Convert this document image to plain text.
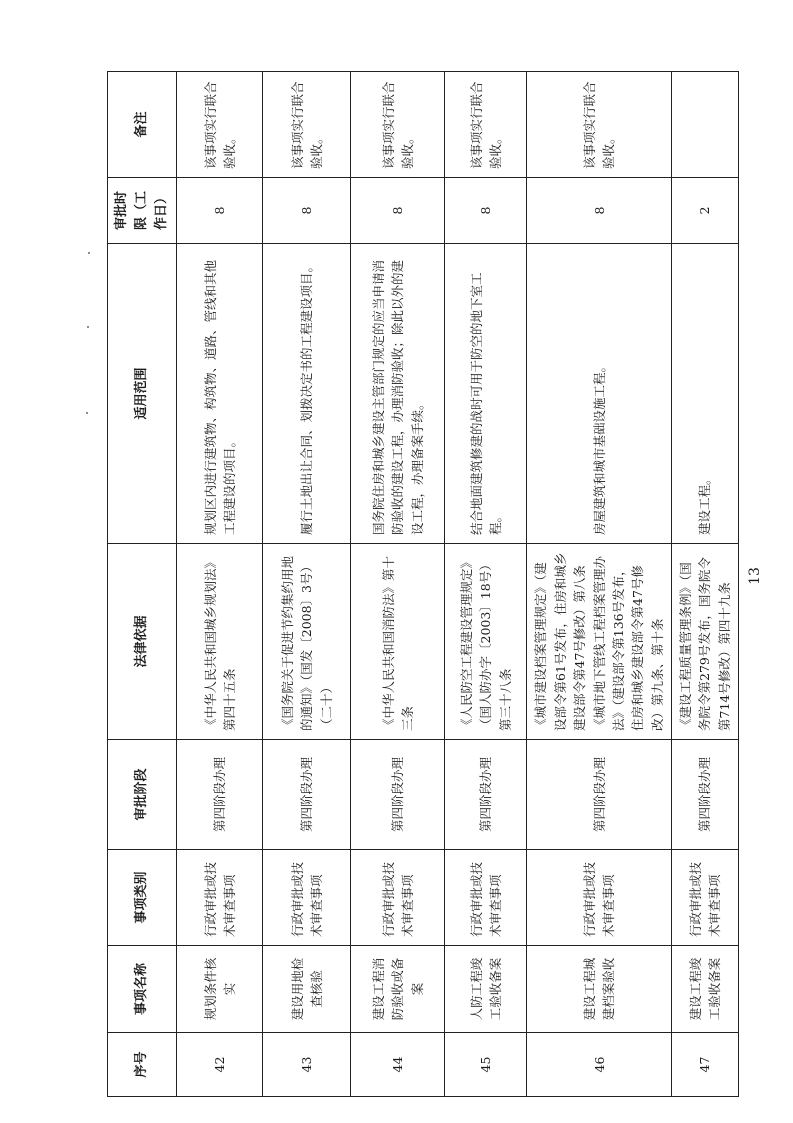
序号	事项名称	事项类别	审批阶段	法律依据	适用范围	审批时限（工作日）	备注
42	规划条件核实	行政审批或技术审查事项	第四阶段办理	《中华人民共和国城乡规划法》第四十五条	规划区内进行建筑物、构筑物、道路、管线和其他工程建设的项目。	8	该事项实行联合验收。
43	建设用地检查核验	行政审批或技术审查事项	第四阶段办理	《国务院关于促进节约集约用地的通知》（国发〔2008〕3号）（二十）	履行土地出让合同、划拨决定书的工程建设项目。	8	该事项实行联合验收。
44	建设工程消防验收或备案	行政审批或技术审查事项	第四阶段办理	《中华人民共和国消防法》第十三条	国务院住房和城乡建设主管部门规定的应当申请消防验收的建设工程，办理消防验收；除此以外的建设工程，办理备案手续。	8	该事项实行联合验收。
45	人防工程竣工验收备案	行政审批或技术审查事项	第四阶段办理	《人民防空工程建设管理规定》（国人防办字〔2003〕18号）第三十八条	结合地面建筑修建的战时可用于防空的地下室工程。	8	该事项实行联合验收。
46	建设工程城建档案验收	行政审批或技术审查事项	第四阶段办理	《城市建设档案管理规定》（建设部令第61号发布，住房和城乡建设部令第47号修改）第八条
《城市地下管线工程档案管理办法》（建设部令第136号发布，住房和城乡建设部令第47号修改）第九条、第十条	房屋建筑和城市基础设施工程。	8	该事项实行联合验收。
47	建设工程竣工验收备案	行政审批或技术审查事项	第四阶段办理	《建设工程质量管理条例》（国务院令第279号发布，国务院令第714号修改）第四十九条	建设工程。	2	
13
